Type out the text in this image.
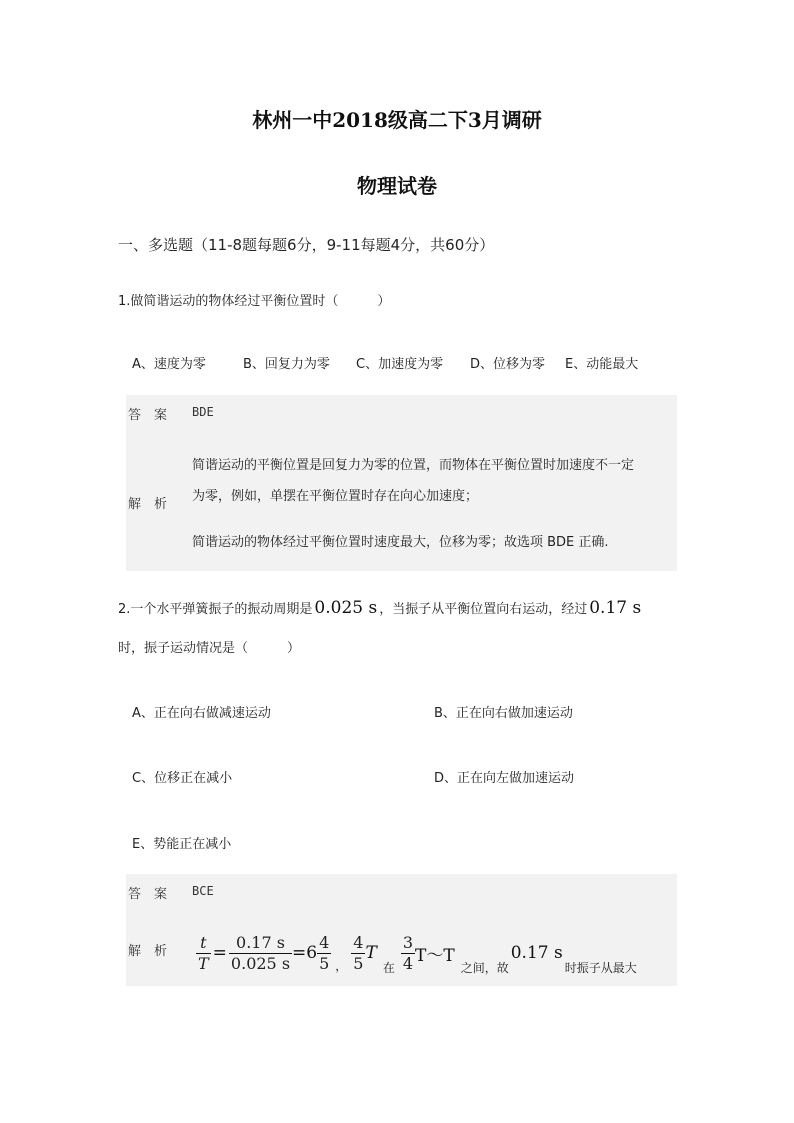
林州一中2018级高二下3月调研
物理试卷
一、多选题（11-8题每题6分，9-11每题4分，共60分）
1.做简谐运动的物体经过平衡位置时（　　　）
A、速度为零	B、回复力为零 C、加速度为零 D、位移为零 E、动能最大
答　案 BDE
解　析
简谐运动的平衡位置是回复力为零的位置，而物体在平衡位置时加速度不一定
为零，例如，单摆在平衡位置时存在向心加速度；
简谐运动的物体经过平衡位置时速度最大，位移为零；故选项 BDE 正确.
2.一个水平弹簧振子的振动周期是 0.025 s ，当振子从平衡位置向右运动，经过 0.17 s
时，振子运动情况是（　　　）
A、正在向右做减速运动	B、正在向右做加速运动
C、位移正在减小	D、正在向左做加速运动
E、势能正在减小
答　案 BCE
解　析 $\frac{t}{T} = \frac{0.17 s}{0.025 s} =6 \frac{4}{5}$ ， $\frac{4}{5}$ T
在 $\frac{3}{4}$ T～T
之间，故
0.17 s
时振子从最大
